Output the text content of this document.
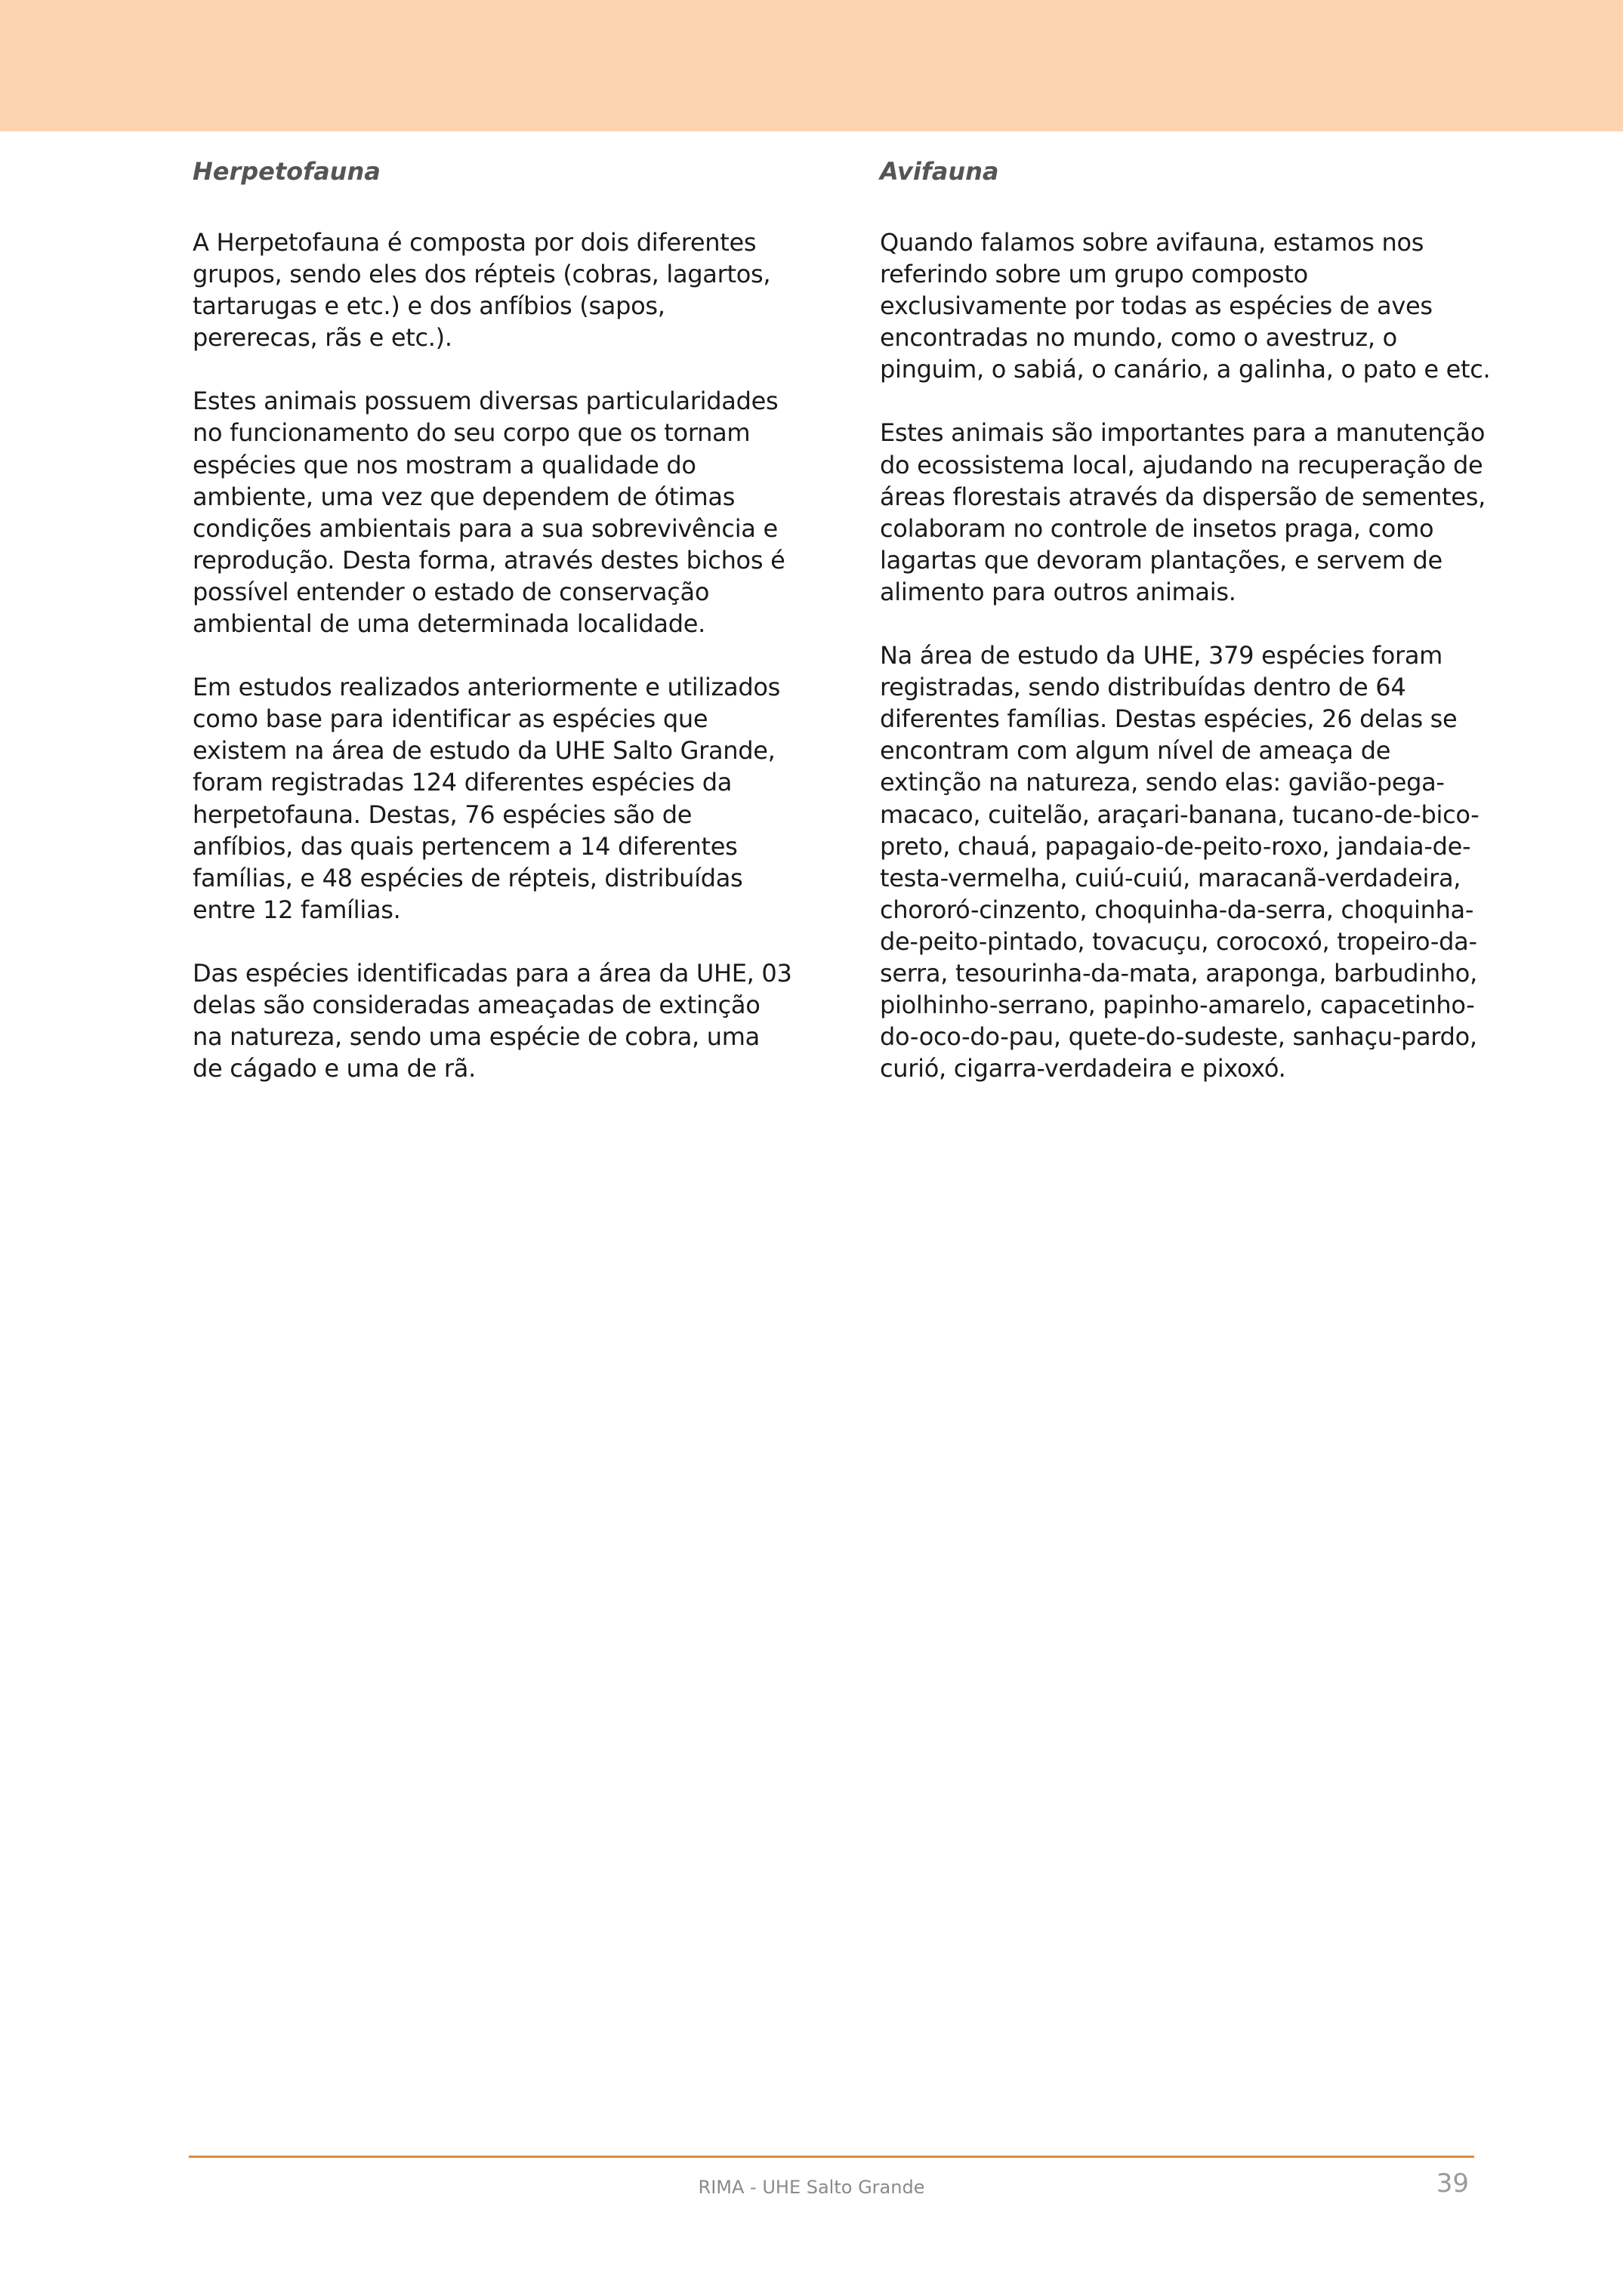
Herpetofauna

A Herpetofauna é composta por dois diferentes grupos, sendo eles dos répteis (cobras, lagartos, tartarugas e etc.) e dos anfíbios (sapos, pererecas, rãs e etc.).

Estes animais possuem diversas particularidades no funcionamento do seu corpo que os tornam espécies que nos mostram a qualidade do ambiente, uma vez que dependem de ótimas condições ambientais para a sua sobrevivência e reprodução. Desta forma, através destes bichos é possível entender o estado de conservação ambiental de uma determinada localidade.

Em estudos realizados anteriormente e utilizados como base para identificar as espécies que existem na área de estudo da UHE Salto Grande, foram registradas 124 diferentes espécies da herpetofauna. Destas, 76 espécies são de anfíbios, das quais pertencem a 14 diferentes famílias, e 48 espécies de répteis, distribuídas entre 12 famílias.

Das espécies identificadas para a área da UHE, 03 delas são consideradas ameaçadas de extinção na natureza, sendo uma espécie de cobra, uma de cágado e uma de rã.

Avifauna

Quando falamos sobre avifauna, estamos nos referindo sobre um grupo composto exclusivamente por todas as espécies de aves encontradas no mundo, como o avestruz, o pinguim, o sabiá, o canário, a galinha, o pato e etc.

Estes animais são importantes para a manutenção do ecossistema local, ajudando na recuperação de áreas florestais através da dispersão de sementes, colaboram no controle de insetos praga, como lagartas que devoram plantações, e servem de alimento para outros animais.

Na área de estudo da UHE, 379 espécies foram registradas, sendo distribuídas dentro de 64 diferentes famílias. Destas espécies, 26 delas se encontram com algum nível de ameaça de extinção na natureza, sendo elas: gavião-pega-macaco, cuitelão, araçari-banana, tucano-de-bico-preto, chauá, papagaio-de-peito-roxo, jandaia-de-testa-vermelha, cuiú-cuiú, maracanã-verdadeira, chororó-cinzento, choquinha-da-serra, choquinha-de-peito-pintado, tovacuçu, corocoxó, tropeiro-da-serra, tesourinha-da-mata, araponga, barbudinho, piolhinho-serrano, papinho-amarelo, capacetinho-do-oco-do-pau, quete-do-sudeste, sanhaçu-pardo, curió, cigarra-verdadeira e pixoxó.

RIMA - UHE Salto Grande	39
